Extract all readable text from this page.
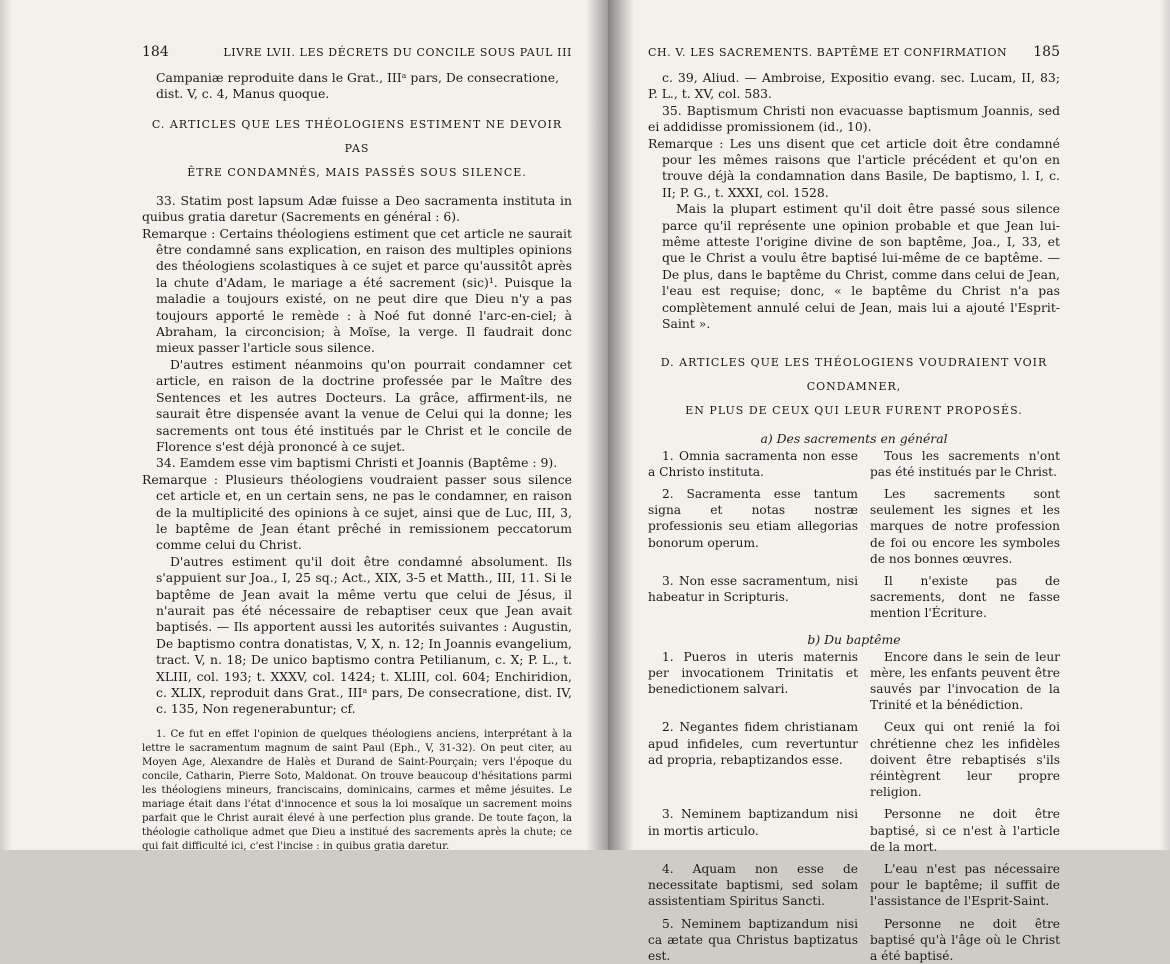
184	LIVRE LVII. LES DÉCRETS DU CONCILE SOUS PAUL III

Campaniæ reproduite dans le Grat., IIIᵃ pars, De consecratione,

dist. V, c. 4, Manus quoque.

C. ARTICLES QUE LES THÉOLOGIENS ESTIMENT NE DEVOIR PAS
ÊTRE CONDAMNÉS, MAIS PASSÉS SOUS SILENCE.

33. Statim post lapsum Adæ fuisse a Deo sacramenta instituta in quibus gratia daretur (Sacrements en général : 6).

Remarque : Certains théologiens estiment que cet article ne saurait être condamné sans explication, en raison des multiples opinions des théologiens scolastiques à ce sujet et parce qu'aussitôt après la chute d'Adam, le mariage a été sacrement (sic)¹. Puisque la maladie a toujours existé, on ne peut dire que Dieu n'y a pas toujours apporté le remède : à Noé fut donné l'arc-en-ciel; à Abraham, la circoncision; à Moïse, la verge. Il faudrait donc mieux passer l'article sous silence.

D'autres estiment néanmoins qu'on pourrait condamner cet article, en raison de la doctrine professée par le Maître des Sentences et les autres Docteurs. La grâce, affirment-ils, ne saurait être dispensée avant la venue de Celui qui la donne; les sacrements ont tous été institués par le Christ et le concile de Florence s'est déjà prononcé à ce sujet.

34. Eamdem esse vim baptismi Christi et Joannis (Baptême : 9).

Remarque : Plusieurs théologiens voudraient passer sous silence cet article et, en un certain sens, ne pas le condamner, en raison de la multiplicité des opinions à ce sujet, ainsi que de Luc, III, 3, le baptême de Jean étant prêché in remissionem peccatorum comme celui du Christ.

D'autres estiment qu'il doit être condamné absolument. Ils s'appuient sur Joa., I, 25 sq.; Act., XIX, 3-5 et Matth., III, 11. Si le baptême de Jean avait la même vertu que celui de Jésus, il n'aurait pas été nécessaire de rebaptiser ceux que Jean avait baptisés. — Ils apportent aussi les autorités suivantes : Augustin, De baptismo contra donatistas, V, X, n. 12; In Joannis evangelium, tract. V, n. 18; De unico baptismo contra Petilianum, c. X; P. L., t. XLIII, col. 193; t. XXXV, col. 1424; t. XLIII, col. 604; Enchiridion, c. XLIX, reproduit dans Grat., IIIᵃ pars, De consecratione, dist. IV, c. 135, Non regenerabuntur; cf.

1. Ce fut en effet l'opinion de quelques théologiens anciens, interprétant à la lettre le sacramentum magnum de saint Paul (Eph., V, 31-32). On peut citer, au Moyen Age, Alexandre de Halès et Durand de Saint-Pourçain; vers l'époque du concile, Catharin, Pierre Soto, Maldonat. On trouve beaucoup d'hésitations parmi les théologiens mineurs, franciscains, dominicains, carmes et même jésuites. Le mariage était dans l'état d'innocence et sous la loi mosaïque un sacrement moins parfait que le Christ aurait élevé à une perfection plus grande. De toute façon, la théologie catholique admet que Dieu a institué des sacrements après la chute; ce qui fait difficulté ici, c'est l'incise : in quibus gratia daretur.

CH. V. LES SACREMENTS. BAPTÊME ET CONFIRMATION 185

c. 39, Aliud. — Ambroise, Expositio evang. sec. Lucam, II, 83; P. L., t. XV, col. 583.

35. Baptismum Christi non evacuasse baptismum Joannis, sed ei addidisse promissionem (id., 10).

Remarque : Les uns disent que cet article doit être condamné pour les mêmes raisons que l'article précédent et qu'on en trouve déjà la condamnation dans Basile, De baptismo, l. I, c. II; P. G., t. XXXI, col. 1528.

Mais la plupart estiment qu'il doit être passé sous silence parce qu'il représente une opinion probable et que Jean lui-même atteste l'origine divine de son baptême, Joa., I, 33, et que le Christ a voulu être baptisé lui-même de ce baptême. — De plus, dans le baptême du Christ, comme dans celui de Jean, l'eau est requise; donc, « le baptême du Christ n'a pas complètement annulé celui de Jean, mais lui a ajouté l'Esprit-Saint ».

D. ARTICLES QUE LES THÉOLOGIENS VOUDRAIENT VOIR CONDAMNER,
EN PLUS DE CEUX QUI LEUR FURENT PROPOSÉS.
a) Des sacrements en général
1. Omnia sacramenta non esse a Christo instituta.
Tous les sacrements n'ont pas été institués par le Christ.
2. Sacramenta esse tantum signa et notas nostræ professionis seu etiam allegorias bonorum operum.
Les sacrements sont seulement les signes et les marques de notre profession de foi ou encore les symboles de nos bonnes œuvres.
3. Non esse sacramentum, nisi habeatur in Scripturis.
Il n'existe pas de sacrements, dont ne fasse mention l'Écriture.
b) Du baptême
1. Pueros in uteris maternis per invocationem Trinitatis et benedictionem salvari.
Encore dans le sein de leur mère, les enfants peuvent être sauvés par l'invocation de la Trinité et la bénédiction.
2. Negantes fidem christianam apud infideles, cum revertuntur ad propria, rebaptizandos esse.
Ceux qui ont renié la foi chrétienne chez les infidèles doivent être rebaptisés s'ils réintègrent leur propre religion.
3. Neminem baptizandum nisi in mortis articulo.
Personne ne doit être baptisé, si ce n'est à l'article de la mort.
4. Aquam non esse de necessitate baptismi, sed solam assistentiam Spiritus Sancti.
L'eau n'est pas nécessaire pour le baptême; il suffit de l'assistance de l'Esprit-Saint.
5. Neminem baptizandum nisi ca ætate qua Christus baptizatus est.
Personne ne doit être baptisé qu'à l'âge où le Christ a été baptisé.
